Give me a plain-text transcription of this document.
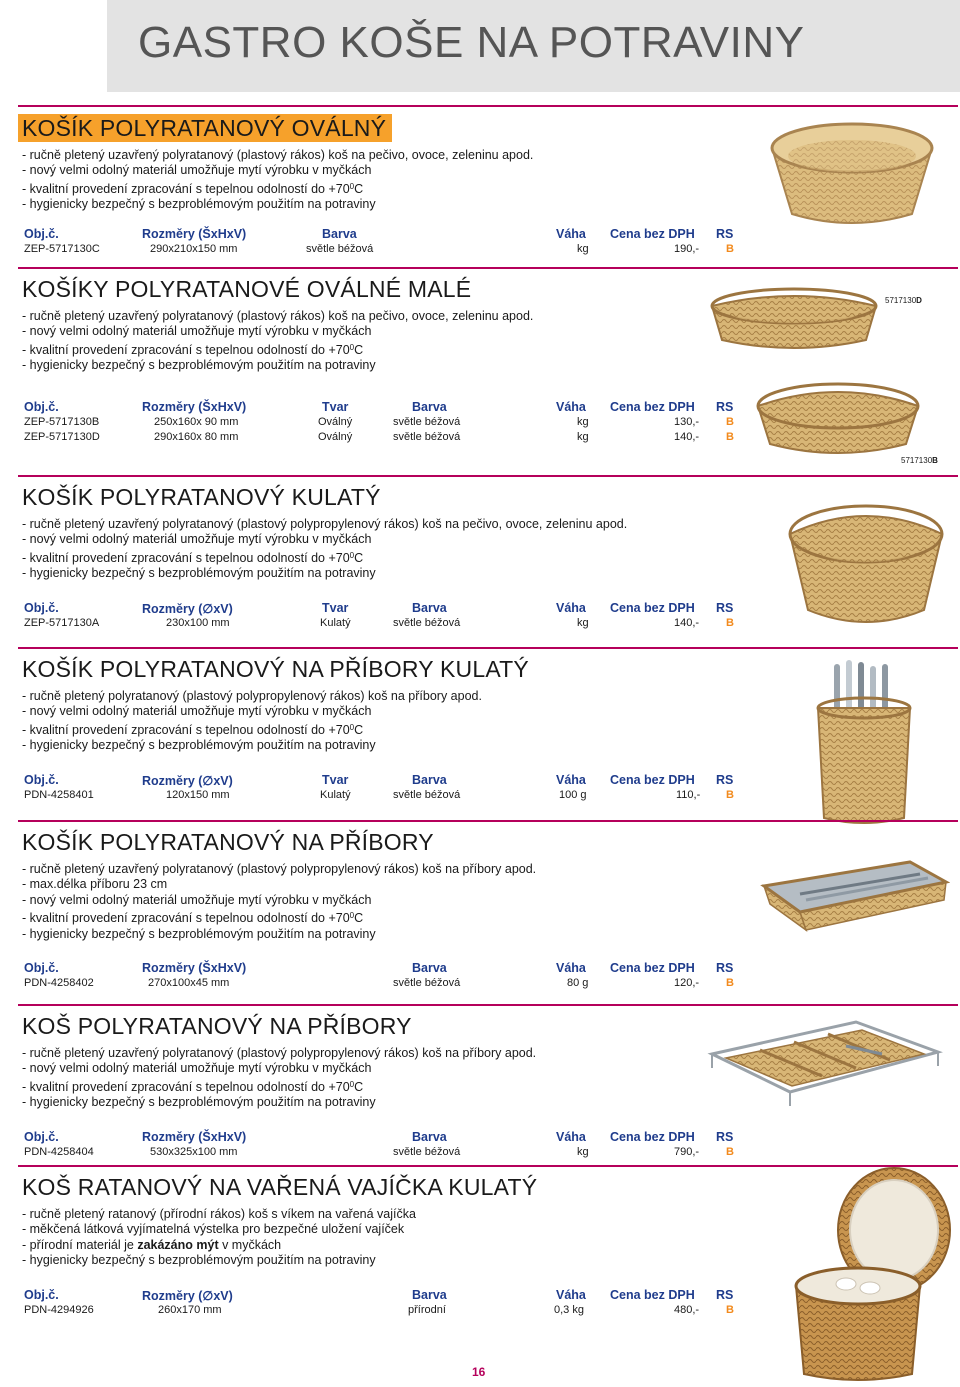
GASTRO KOŠE NA POTRAVINY
KOŠÍK POLYRATANOVÝ OVÁLNÝ

- ručně pletený uzavřený polyratanový (plastový rákos) koš na pečivo, ovoce, zeleninu apod.

- nový velmi odolný materiál umožňuje mytí výrobku v myčkách

- kvalitní provedení zpracování s tepelnou odolností do $+70^0C$

- hygienicky bezpečný s bezproblémovým použitím na potraviny

Obj.č.	Rozměry (ŠxHxV)	Barva	Váha Cena bez DPH RS
ZEP-5717130C	290x210x150 mm	světle béžová	kg	190,- B
KOŠÍKY POLYRATANOVÉ OVÁLNÉ MALÉ

- ručně pletený uzavřený polyratanový (plastový rákos) koš na pečivo, ovoce, zeleninu apod.

- nový velmi odolný materiál umožňuje mytí výrobku v myčkách

- kvalitní provedení zpracování s tepelnou odolností do $+70^0C$

- hygienicky bezpečný s bezproblémovým použitím na potraviny

Obj.č.	Rozměry (ŠxHxV)	Tvar	Barva	Váha Cena bez DPH RS
ZEP-5717130B	250x160x 90 mm	Oválný	světle béžová	kg	130,- B
ZEP-5717130D	290x160x 80 mm	Oválný	světle béžová	kg	140,- B
5717130D
5717130B
KOŠÍK POLYRATANOVÝ KULATÝ

- ručně pletený uzavřený polyratanový (plastový polypropylenový rákos) koš na pečivo, ovoce, zeleninu apod.

- nový velmi odolný materiál umožňuje mytí výrobku v myčkách

- kvalitní provedení zpracování s tepelnou odolností do $+70^0C$

- hygienicky bezpečný s bezproblémovým použitím na potraviny

Obj.č.	Rozměry (∅xV)	Tvar	Barva	Váha Cena bez DPH RS
ZEP-5717130A	230x100 mm	Kulatý	světle béžová	kg	140,- B
KOŠÍK POLYRATANOVÝ NA PŘÍBORY KULATÝ

- ručně pletený polyratanový (plastový polypropylenový rákos) koš na příbory apod.

- nový velmi odolný materiál umožňuje mytí výrobku v myčkách

- kvalitní provedení zpracování s tepelnou odolností do $+70^0C$

- hygienicky bezpečný s bezproblémovým použitím na potraviny

Obj.č.	Rozměry (∅xV)	Tvar	Barva	Váha Cena bez DPH RS
PDN-4258401	120x150 mm	Kulatý	světle béžová	100 g	110,- B
KOŠÍK POLYRATANOVÝ NA PŘÍBORY

- ručně pletený uzavřený polyratanový (plastový polypropylenový rákos) koš na příbory apod.

- max.délka příboru 23 cm

- nový velmi odolný materiál umožňuje mytí výrobku v myčkách

- kvalitní provedení zpracování s tepelnou odolností do $+70^0C$

- hygienicky bezpečný s bezproblémovým použitím na potraviny

Obj.č.	Rozměry (ŠxHxV)	Barva	Váha Cena bez DPH RS
PDN-4258402	270x100x45 mm	světle béžová	80 g	120,- B
KOŠ POLYRATANOVÝ NA PŘÍBORY

- ručně pletený uzavřený polyratanový (plastový polypropylenový rákos) koš na příbory apod.

- nový velmi odolný materiál umožňuje mytí výrobku v myčkách

- kvalitní provedení zpracování s tepelnou odolností do $+70^0C$

- hygienicky bezpečný s bezproblémovým použitím na potraviny

Obj.č.	Rozměry (ŠxHxV)	Barva	Váha Cena bez DPH RS
PDN-4258404	530x325x100 mm	světle béžová	kg	790,- B
KOŠ RATANOVÝ NA VAŘENÁ VAJÍČKA KULATÝ

- ručně pletený ratanový (přírodní rákos) koš s víkem na vařená vajíčka

- měkčená látková vyjímatelná výstelka pro bezpečné uložení vajíček

- přírodní materiál je zakázáno mýt v myčkách

- hygienicky bezpečný s bezproblémovým použitím na potraviny

Obj.č.	Rozměry (∅xV)	Barva	Váha Cena bez DPH RS
PDN-4294926	260x170 mm	přírodní	0,3 kg	480,- B
16
